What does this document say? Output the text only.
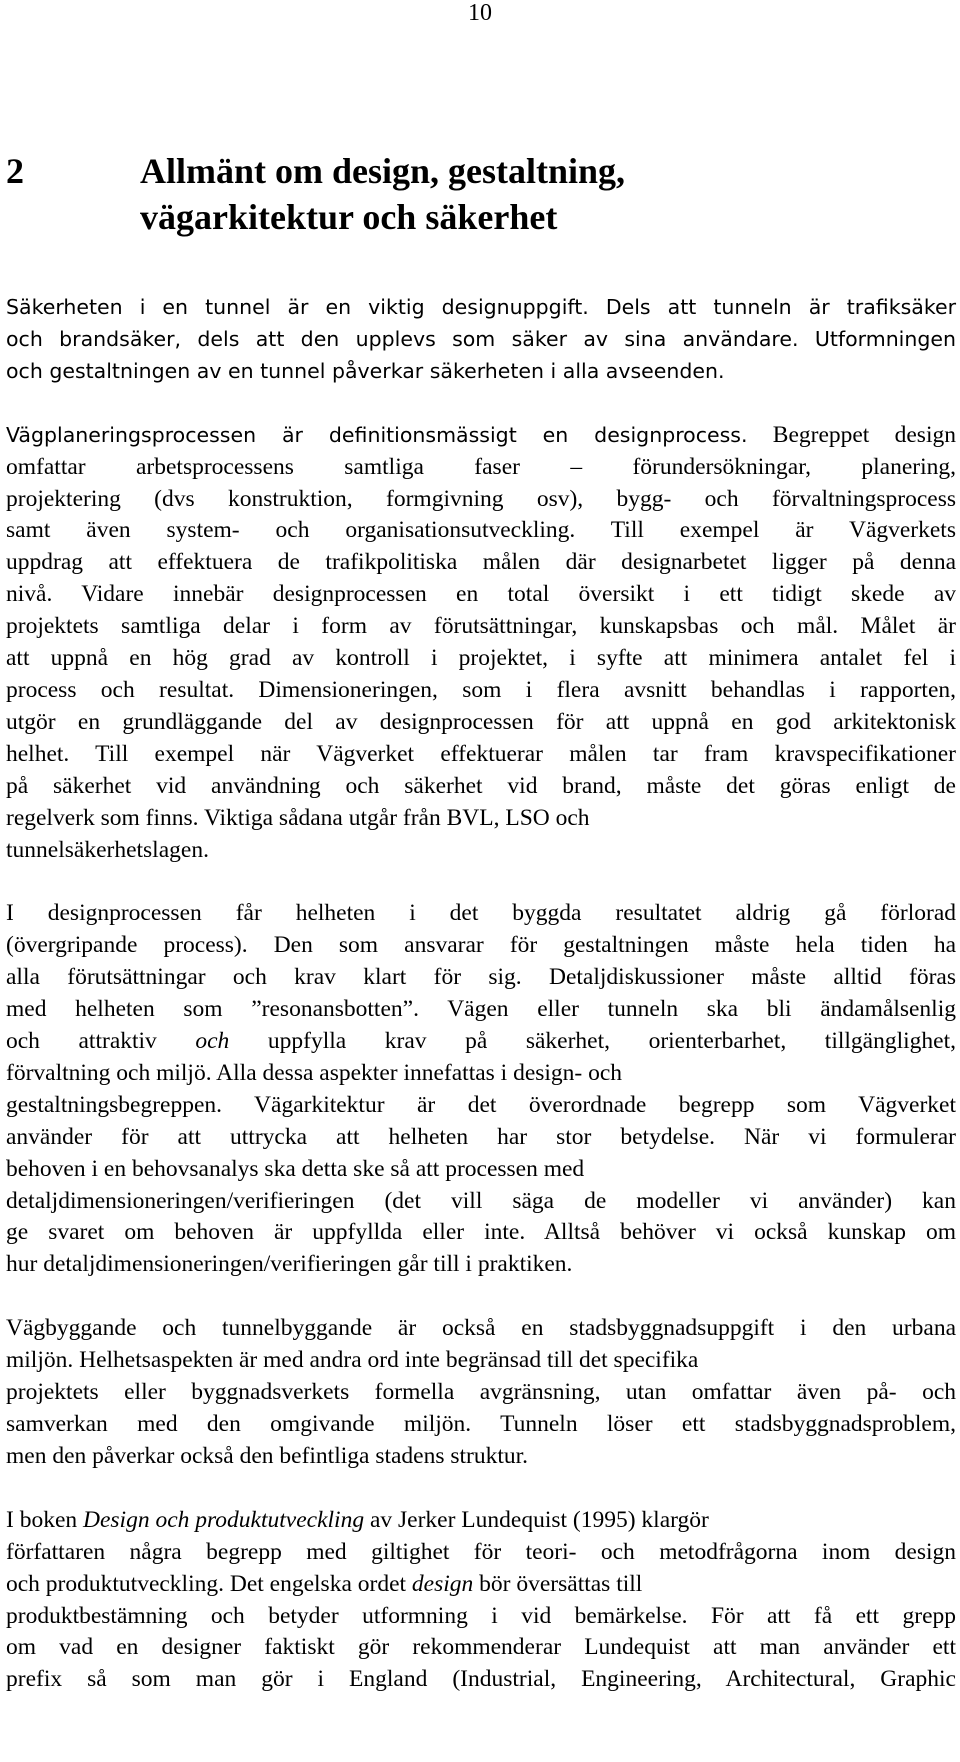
10
2	Allmänt om design, gestaltning,
vägarkitektur och säkerhet
Säkerheten i en tunnel är en viktig designuppgift. Dels att tunneln är trafiksäker
och brandsäker, dels att den upplevs som säker av sina användare. Utformningen
och gestaltningen av en tunnel påverkar säkerheten i alla avseenden.
Vägplaneringsprocessen är definitionsmässigt en designprocess. Begreppet design
omfattar arbetsprocessens samtliga faser – förundersökningar, planering,
projektering (dvs konstruktion, formgivning osv), bygg- och förvaltningsprocess
samt även system- och organisationsutveckling. Till exempel är Vägverkets
uppdrag att effektuera de trafikpolitiska målen där designarbetet ligger på denna
nivå. Vidare innebär designprocessen en total översikt i ett tidigt skede av
projektets samtliga delar i form av förutsättningar, kunskapsbas och mål. Målet är
att uppnå en hög grad av kontroll i projektet, i syfte att minimera antalet fel i
process och resultat. Dimensioneringen, som i flera avsnitt behandlas i rapporten,
utgör en grundläggande del av designprocessen för att uppnå en god arkitektonisk
helhet. Till exempel när Vägverket effektuerar målen tar fram kravspecifikationer
på säkerhet vid användning och säkerhet vid brand, måste det göras enligt de
regelverk som finns. Viktiga sådana utgår från BVL, LSO och
tunnelsäkerhetslagen.
I designprocessen får helheten i det byggda resultatet aldrig gå förlorad
(övergripande process). Den som ansvarar för gestaltningen måste hela tiden ha
alla förutsättningar och krav klart för sig. Detaljdiskussioner måste alltid föras
med helheten som ”resonansbotten”. Vägen eller tunneln ska bli ändamålsenlig
och attraktiv och uppfylla krav på säkerhet, orienterbarhet, tillgänglighet,
förvaltning och miljö. Alla dessa aspekter innefattas i design- och
gestaltningsbegreppen. Vägarkitektur är det överordnade begrepp som Vägverket
använder för att uttrycka att helheten har stor betydelse. När vi formulerar
behoven i en behovsanalys ska detta ske så att processen med
detaljdimensioneringen/verifieringen (det vill säga de modeller vi använder) kan
ge svaret om behoven är uppfyllda eller inte. Alltså behöver vi också kunskap om
hur detaljdimensioneringen/verifieringen går till i praktiken.
Vägbyggande och tunnelbyggande är också en stadsbyggnadsuppgift i den urbana
miljön. Helhetsaspekten är med andra ord inte begränsad till det specifika
projektets eller byggnadsverkets formella avgränsning, utan omfattar även på- och
samverkan med den omgivande miljön. Tunneln löser ett stadsbyggnadsproblem,
men den påverkar också den befintliga stadens struktur.
I boken Design och produktutveckling av Jerker Lundequist (1995) klargör
författaren några begrepp med giltighet för teori- och metodfrågorna inom design
och produktutveckling. Det engelska ordet design bör översättas till
produktbestämning och betyder utformning i vid bemärkelse. För att få ett grepp
om vad en designer faktiskt gör rekommenderar Lundequist att man använder ett
prefix så som man gör i England (Industrial, Engineering, Architectural, Graphic
